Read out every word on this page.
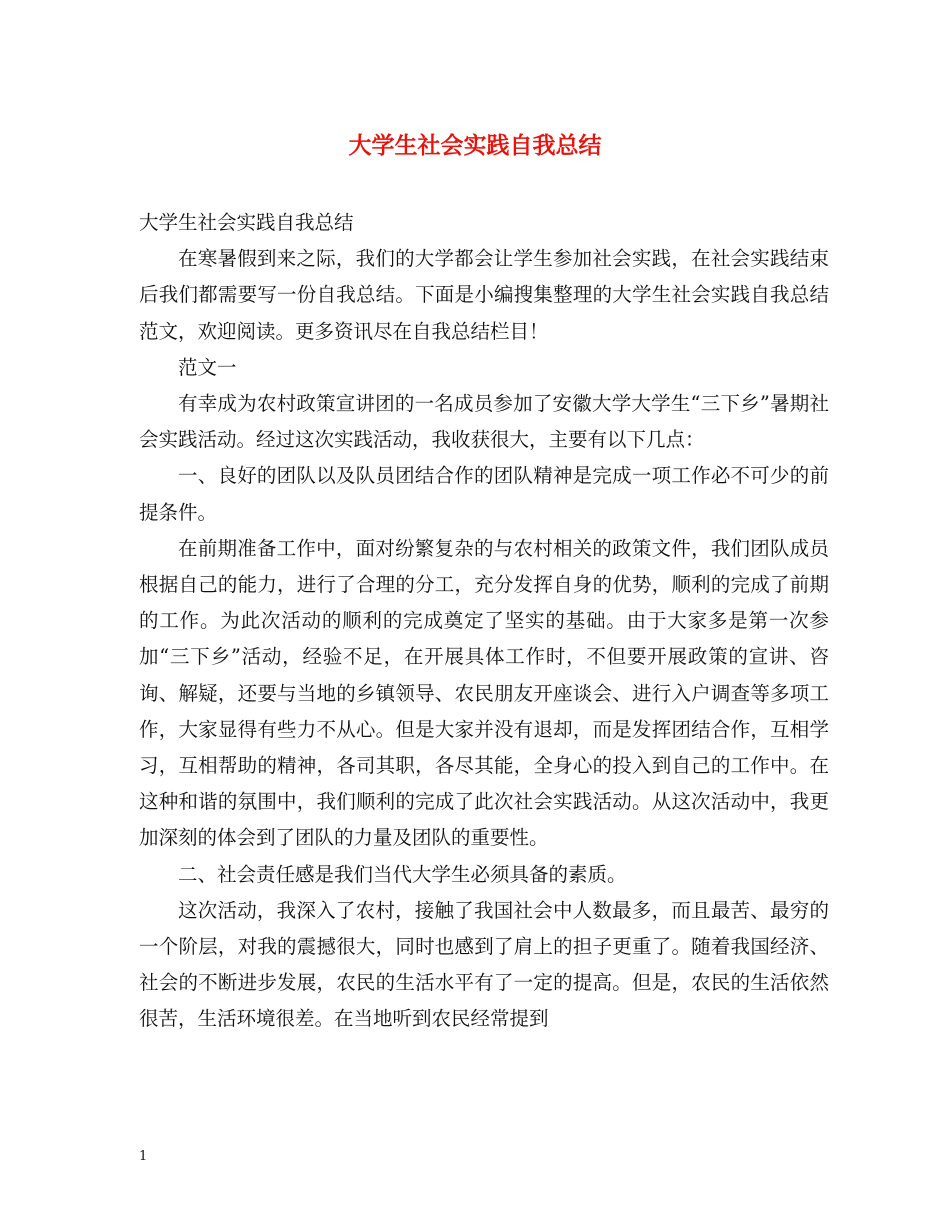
大学生社会实践自我总结

大学生社会实践自我总结

在寒暑假到来之际，我们的大学都会让学生参加社会实践，在社会实践结束后我们都需要写一份自我总结。下面是小编搜集整理的大学生社会实践自我总结范文，欢迎阅读。更多资讯尽在自我总结栏目！

范文一

有幸成为农村政策宣讲团的一名成员参加了安徽大学大学生“三下乡”暑期社会实践活动。经过这次实践活动，我收获很大，主要有以下几点：

一、良好的团队以及队员团结合作的团队精神是完成一项工作必不可少的前提条件。

在前期准备工作中，面对纷繁复杂的与农村相关的政策文件，我们团队成员根据自己的能力，进行了合理的分工，充分发挥自身的优势，顺利的完成了前期的工作。为此次活动的顺利的完成奠定了坚实的基础。由于大家多是第一次参加“三下乡”活动，经验不足，在开展具体工作时，不但要开展政策的宣讲、咨询、解疑，还要与当地的乡镇领导、农民朋友开座谈会、进行入户调查等多项工作，大家显得有些力不从心。但是大家并没有退却，而是发挥团结合作，互相学习，互相帮助的精神，各司其职，各尽其能，全身心的投入到自己的工作中。在这种和谐的氛围中，我们顺利的完成了此次社会实践活动。从这次活动中，我更加深刻的体会到了团队的力量及团队的重要性。

二、社会责任感是我们当代大学生必须具备的素质。

这次活动，我深入了农村，接触了我国社会中人数最多，而且最苦、最穷的一个阶层，对我的震撼很大，同时也感到了肩上的担子更重了。随着我国经济、社会的不断进步发展，农民的生活水平有了一定的提高。但是，农民的生活依然很苦，生活环境很差。在当地听到农民经常提到

1
